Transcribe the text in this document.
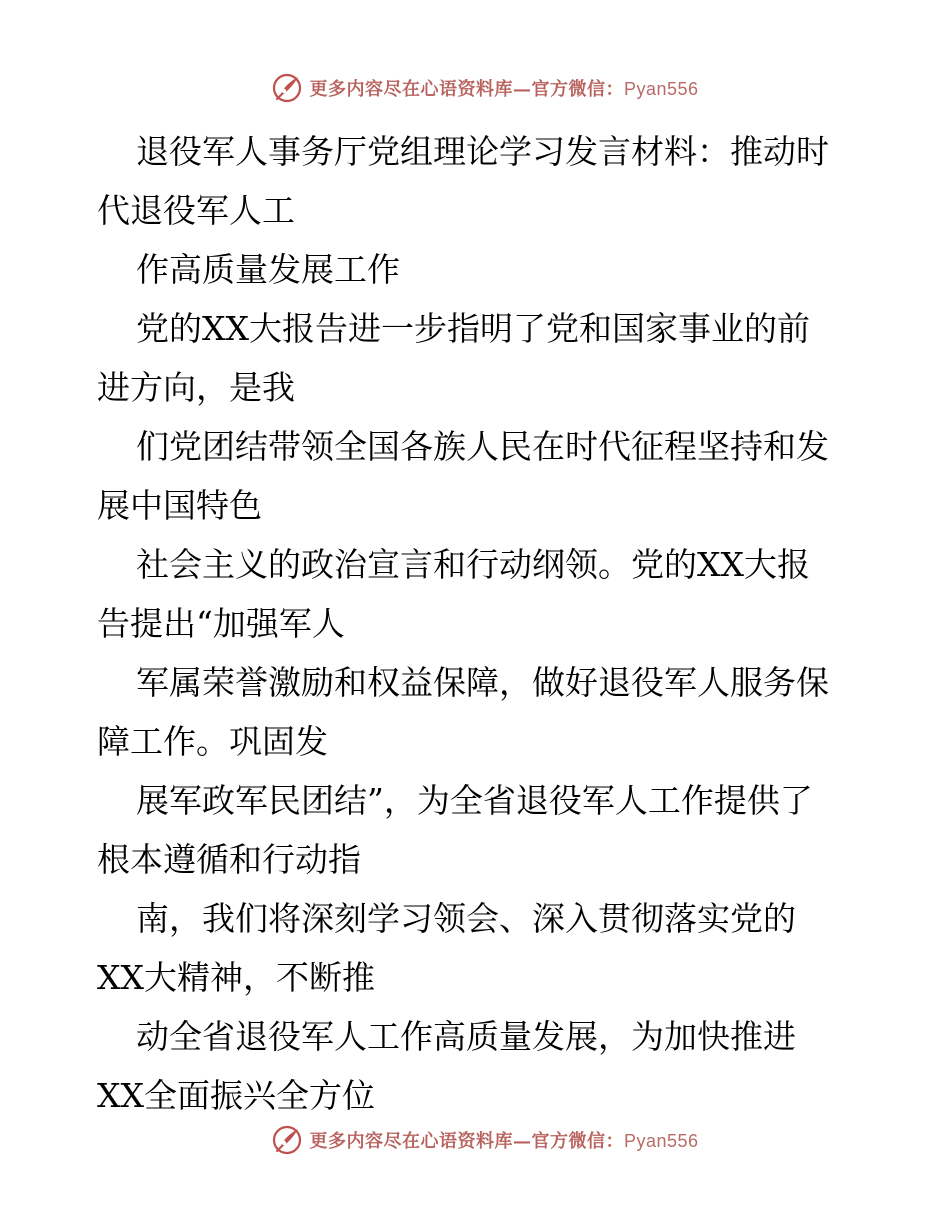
更多内容尽在心语资料库—官方微信：Pyan556
退役军人事务厅党组理论学习发言材料：推动时
代退役军人工
作高质量发展工作
党的XX大报告进一步指明了党和国家事业的前
进方向，是我
们党团结带领全国各族人民在时代征程坚持和发
展中国特色
社会主义的政治宣言和行动纲领。党的XX大报
告提出“加强军人
军属荣誉激励和权益保障，做好退役军人服务保
障工作。巩固发
展军政军民团结”，为全省退役军人工作提供了
根本遵循和行动指
南，我们将深刻学习领会、深入贯彻落实党的
XX大精神，不断推
动全省退役军人工作高质量发展，为加快推进
XX全面振兴全方位
更多内容尽在心语资料库—官方微信：Pyan556
